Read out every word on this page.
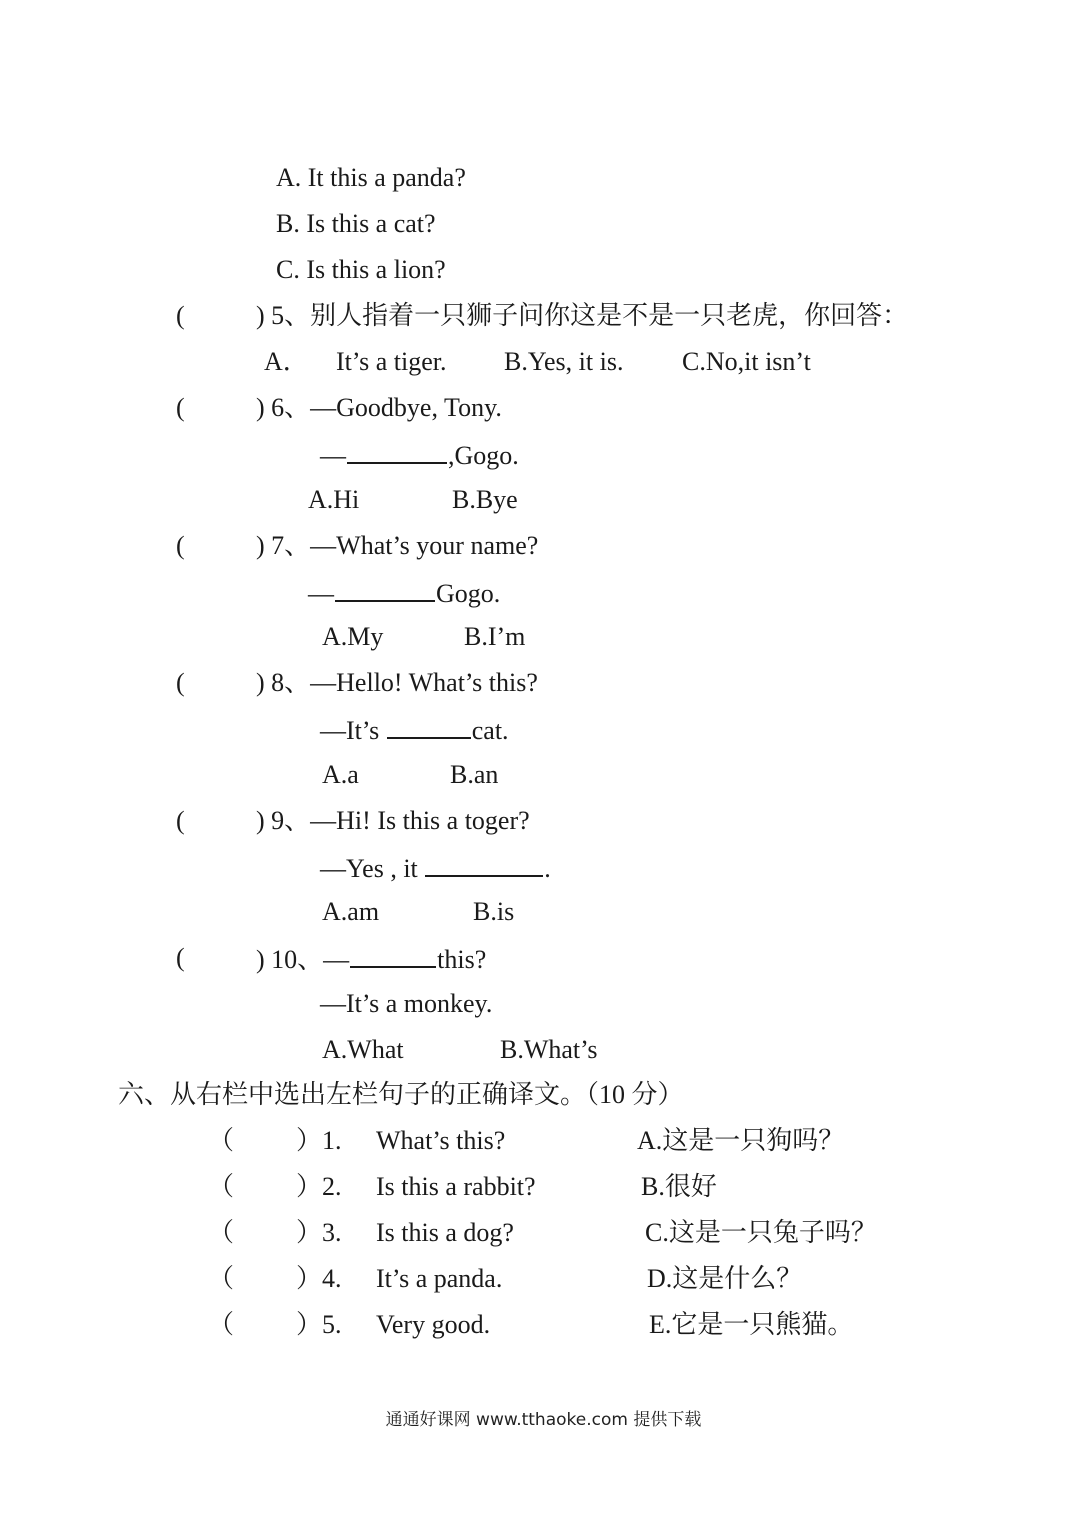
A. It this a panda?
B. Is this a cat?
C. Is this a lion?
(	) 5、别人指着一只狮子问你这是不是一只老虎，你回答：
A． It’s a tiger. B.Yes, it is. C.No,it isn’t
(	) 6、—Goodbye, Tony.
—	,Gogo.
A.Hi	B.Bye
(	) 7、—What’s your name?
—	Gogo.
A.My	B.I’m
(	) 8、—Hello! What’s this?
—It’s	cat.
A.a	B.an
(	) 9、—Hi! Is this a toger?
—Yes , it	.
A.am	B.is
(	) 10、—	this?
—It’s a monkey.
A.What	B.What’s
六、从右栏中选出左栏句子的正确译文。（10 分）
（ ）1. What’s this?	A.这是一只狗吗？
（ ）2. Is this a rabbit?	B.很好
（ ）3. Is this a dog?	C.这是一只兔子吗？
（ ）4. It’s a panda.	D.这是什么？
（ ）5. Very good.	E.它是一只熊猫。
通通好课网 www.tthaoke.com 提供下载
